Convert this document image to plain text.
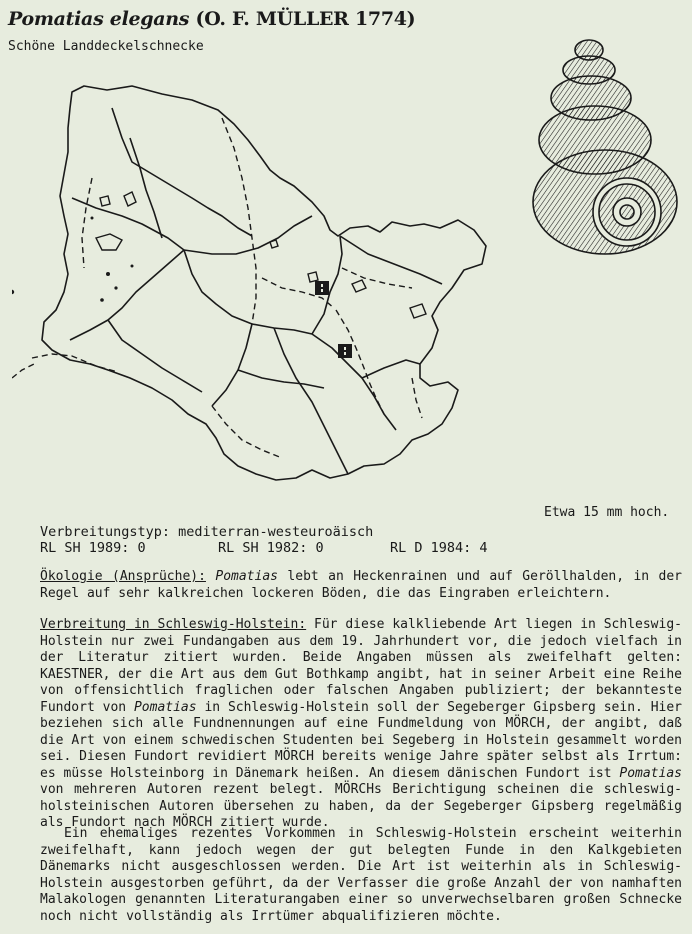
Pomatias elegans (O. F. MÜLLER 1774)
Schöne Landdeckelschnecke
Etwa 15 mm hoch.
Verbreitungstyp: mediterran-westeuroäisch
RL SH 1989: 0	RL SH 1982: 0	RL D 1984: 4

Ökologie (Ansprüche): Pomatias lebt an Heckenrainen und auf Geröllhalden, in der Regel auf sehr kalkreichen lockeren Böden, die das Eingraben erleichtern.

Verbreitung in Schleswig-Holstein: Für diese kalkliebende Art liegen in Schleswig-Holstein nur zwei Fundangaben aus dem 19. Jahrhundert vor, die jedoch vielfach in der Literatur zitiert wurden. Beide Angaben müssen als zweifelhaft gelten: KAESTNER, der die Art aus dem Gut Bothkamp angibt, hat in seiner Arbeit eine Reihe von offensichtlich fraglichen oder falschen Angaben publiziert; der bekannteste Fundort von Pomatias in Schleswig-Holstein soll der Segeberger Gipsberg sein. Hier beziehen sich alle Fundnennungen auf eine Fundmeldung von MÖRCH, der angibt, daß die Art von einem schwedischen Studenten bei Segeberg in Holstein gesammelt worden sei. Diesen Fundort revidiert MÖRCH bereits wenige Jahre später selbst als Irrtum: es müsse Holsteinborg in Dänemark heißen. An diesem dänischen Fundort ist Pomatias von mehreren Autoren rezent belegt. MÖRCHs Berichtigung scheinen die schleswig-holsteinischen Autoren übersehen zu haben, da der Segeberger Gipsberg regelmäßig als Fundort nach MÖRCH zitiert wurde.

Ein ehemaliges rezentes Vorkommen in Schleswig-Holstein erscheint weiterhin zweifelhaft, kann jedoch wegen der gut belegten Funde in den Kalkgebieten Dänemarks nicht ausgeschlossen werden. Die Art ist weiterhin als in Schleswig-Holstein ausgestorben geführt, da der Verfasser die große Anzahl der von namhaften Malakologen genannten Literaturangaben einer so unverwechselbaren großen Schnecke noch nicht vollständig als Irrtümer abqualifizieren möchte.
